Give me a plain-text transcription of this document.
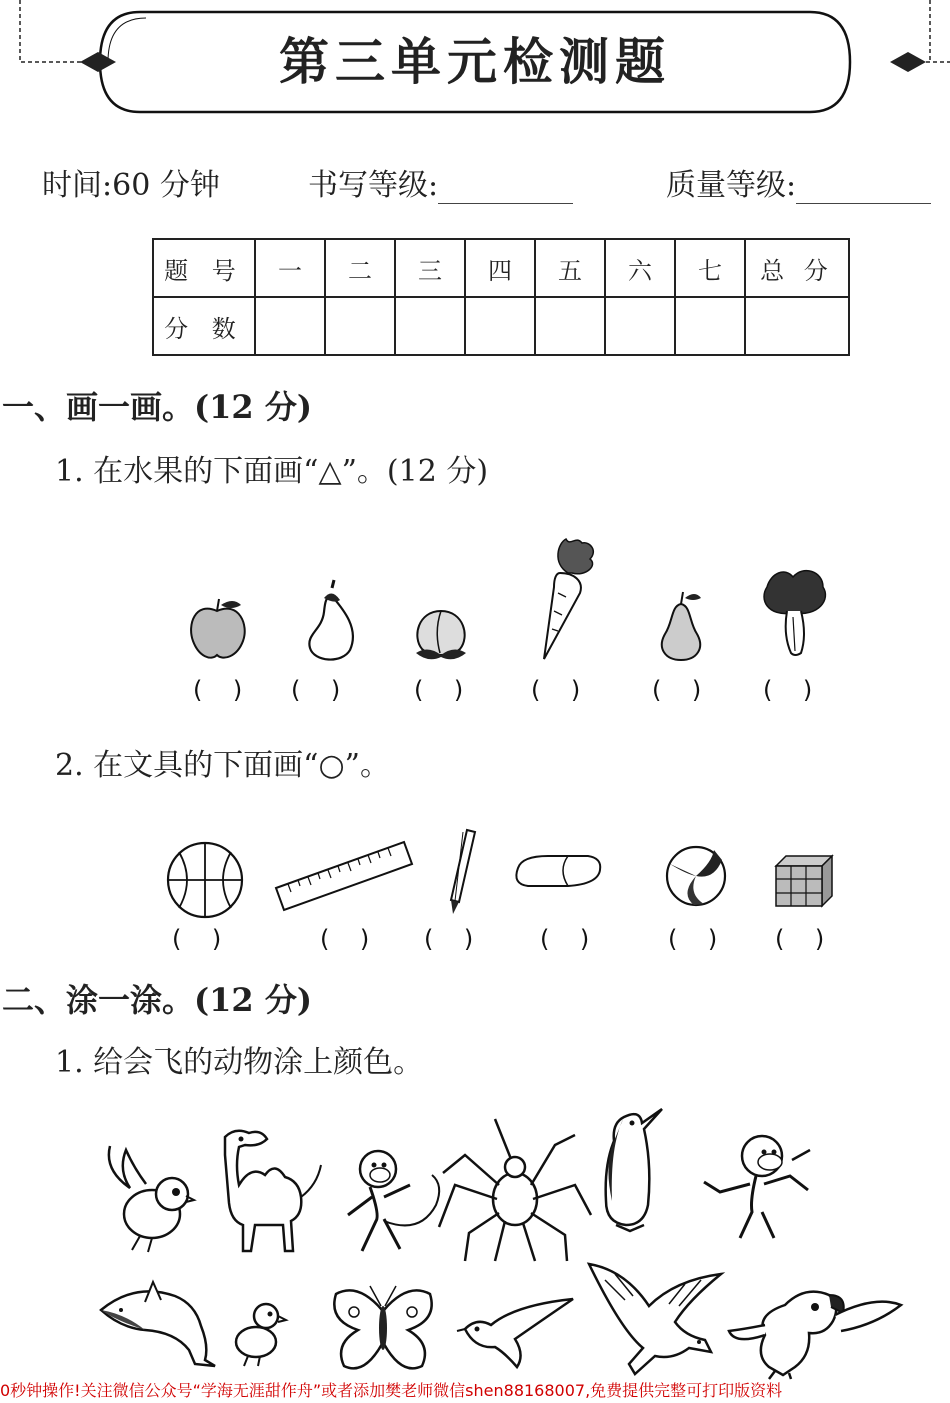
第三单元检测题
时间:60 分钟	书写等级:	质量等级:
题 号	一	二	三	四	五	六	七	总 分
分 数								
一、画一画。(12 分)
1. 在水果的下面画“△”。(12 分)
(    ) (    )	(    )	(    )	(    )	(    )
2. 在文具的下面画“○”。
(    )	(    ) (    )	(    )	(    ) (    )
二、涂一涂。(12 分)
1. 给会飞的动物涂上颜色。
0秒钟操作!关注微信公众号“学海无涯甜作舟”或者添加樊老师微信shen88168007,免费提供完整可打印版资料
